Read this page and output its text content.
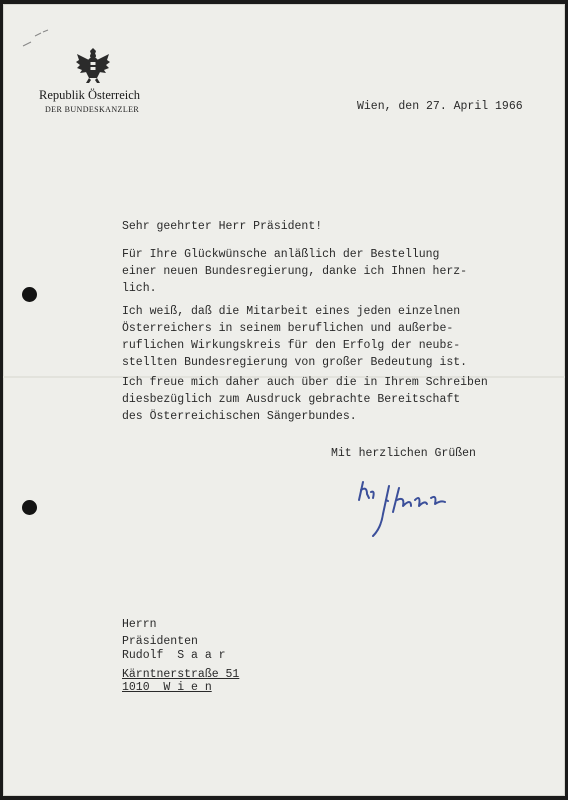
Republik Österreich
DER BUNDESKANZLER	Wien, den 27. April 1966
Sehr geehrter Herr Präsident!

Für Ihre Glückwünsche anläßlich der Bestellung
einer neuen Bundesregierung, danke ich Ihnen herz-
lich.

Ich weiß, daß die Mitarbeit eines jeden einzelnen
Österreichers in seinem beruflichen und außerbe-
ruflichen Wirkungskreis für den Erfolg der neubε-
stellten Bundesregierung von großer Bedeutung ist.

Ich freue mich daher auch über die in Ihrem Schreiben
diesbezüglich zum Ausdruck gebrachte Bereitschaft
des Österreichischen Sängerbundes.

Mit herzlichen Grüßen
Herrn
Präsidenten
Rudolf  S a a r
Kärntnerstraße 51
1010  W i e n
